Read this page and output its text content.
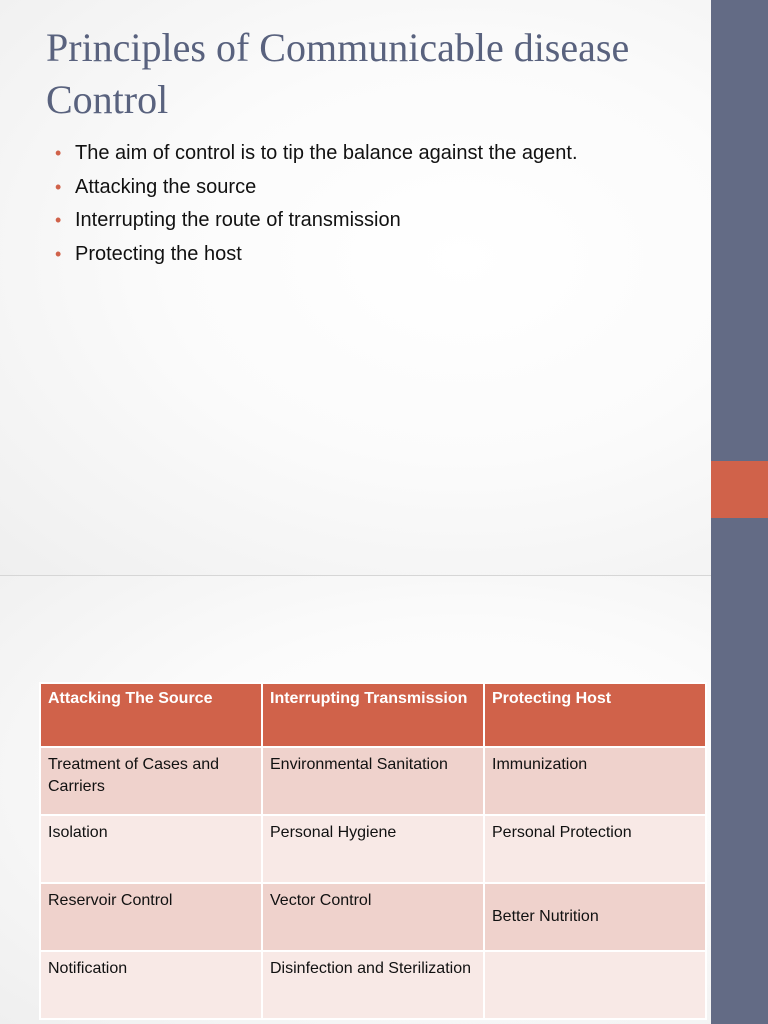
Principles of Communicable disease Control
• The aim of control is to tip the balance against the agent.
• Attacking the source
• Interrupting the route of transmission
• Protecting the host
Attacking The Source	Interrupting Transmission	Protecting Host
Treatment of Cases and Carriers	Environmental Sanitation	Immunization
Isolation	Personal Hygiene	Personal Protection
Reservoir Control	Vector Control	Better Nutrition
Notification	Disinfection and Sterilization	
